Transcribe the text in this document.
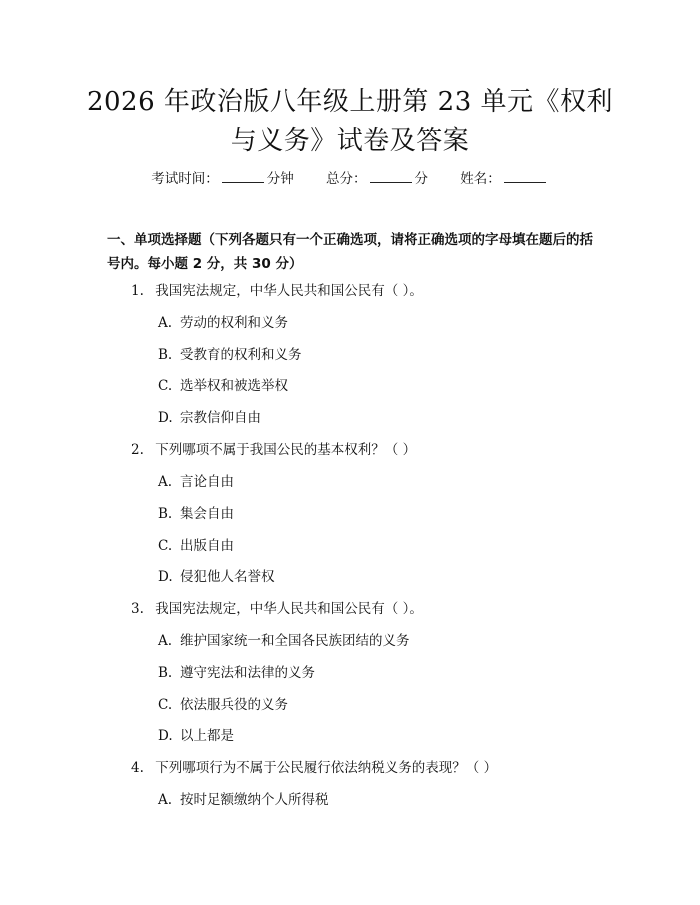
2026 年政治版八年级上册第 23 单元《权利
与义务》试卷及答案
考试时间：	分钟 总分：	分 姓名：
一、单项选择题（下列各题只有一个正确选项，请将正确选项的字母填在题后的括号内。每小题 2 分，共 30 分）
1. 我国宪法规定，中华人民共和国公民有（ ）。
A. 劳动的权利和义务
B. 受教育的权利和义务
C. 选举权和被选举权
D. 宗教信仰自由
2. 下列哪项不属于我国公民的基本权利？（ ）
A. 言论自由
B. 集会自由
C. 出版自由
D. 侵犯他人名誉权
3. 我国宪法规定，中华人民共和国公民有（ ）。
A. 维护国家统一和全国各民族团结的义务
B. 遵守宪法和法律的义务
C. 依法服兵役的义务
D. 以上都是
4. 下列哪项行为不属于公民履行依法纳税义务的表现？（ ）
A. 按时足额缴纳个人所得税
